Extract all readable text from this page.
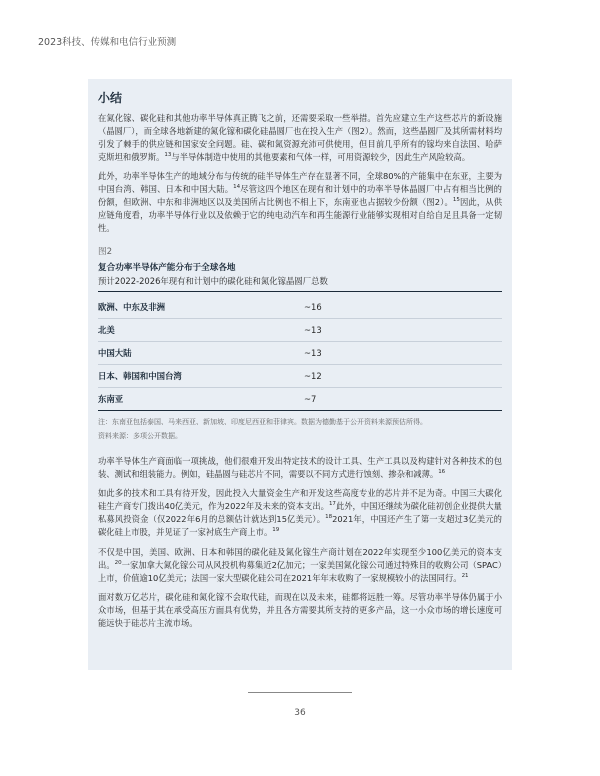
2023科技、传媒和电信行业预测
小结

在氮化镓、碳化硅和其他功率半导体真正腾飞之前，还需要采取一些举措。首先应建立生产这些芯片的新设施（晶圆厂），而全球各地新建的氮化镓和碳化硅晶圆厂也在投入生产（图2）。然而，这些晶圆厂及其所需材料均引发了棘手的供应链和国家安全问题。硅、碳和氮资源充沛可供使用，但目前几乎所有的镓均来自法国、哈萨克斯坦和俄罗斯。$^{13}$与半导体制造中使用的其他要素和气体一样，可用资源较少，因此生产风险较高。

此外，功率半导体生产的地域分布与传统的硅半导体生产存在显著不同，全球80%的产能集中在东亚，主要为中国台湾、韩国、日本和中国大陆。$^{14}$尽管这四个地区在现有和计划中的功率半导体晶圆厂中占有相当比例的份额，但欧洲、中东和非洲地区以及美国所占比例也不相上下，东南亚也占据较少份额（图2）。$^{15}$因此，从供应链角度看，功率半导体行业以及依赖于它的纯电动汽车和再生能源行业能够实现相对自给自足且具备一定韧性。

图2
复合功率半导体产能分布于全球各地
预计2022-2026年现有和计划中的碳化硅和氮化镓晶圆厂总数
欧洲、中东及非洲	~16
北美	~13
中国大陆	~13
日本、韩国和中国台湾	~12
东南亚	~7
注：东南亚包括泰国、马来西亚、新加坡、印度尼西亚和菲律宾。数据为德勤基于公开资料来源预估所得。
资料来源：多项公开数据。

功率半导体生产商面临一项挑战，他们很难开发出特定技术的设计工具、生产工具以及构建针对各种技术的包装、测试和组装能力。例如，硅晶圆与硅芯片不同，需要以不同方式进行蚀刻、掺杂和减薄。$^{16}$

如此多的技术和工具有待开发，因此投入大量资金生产和开发这些高度专业的芯片并不足为奇。中国三大碳化硅生产商专门拨出40亿美元，作为2022年及未来的资本支出。$^{17}$此外，中国还继续为碳化硅初创企业提供大量私募风投资金（仅2022年6月的总额估计就达到15亿美元）。$^{18}$2021年，中国还产生了第一支超过3亿美元的碳化硅上市股，并见证了一家衬底生产商上市。$^{19}$

不仅是中国，美国、欧洲、日本和韩国的碳化硅及氮化镓生产商计划在2022年实现至少100亿美元的资本支出。$^{20}$一家加拿大氮化镓公司从风投机构募集近2亿加元；一家美国氮化镓公司通过特殊目的收购公司（SPAC）上市，价值逾10亿美元；法国一家大型碳化硅公司在2021年年末收购了一家规模较小的法国同行。$^{21}$

面对数万亿芯片，碳化硅和氮化镓不会取代硅，而现在以及未来，硅都将远胜一筹。尽管功率半导体仍属于小众市场，但基于其在承受高压方面具有优势，并且各方需要其所支持的更多产品，这一小众市场的增长速度可能远快于硅芯片主流市场。

36
